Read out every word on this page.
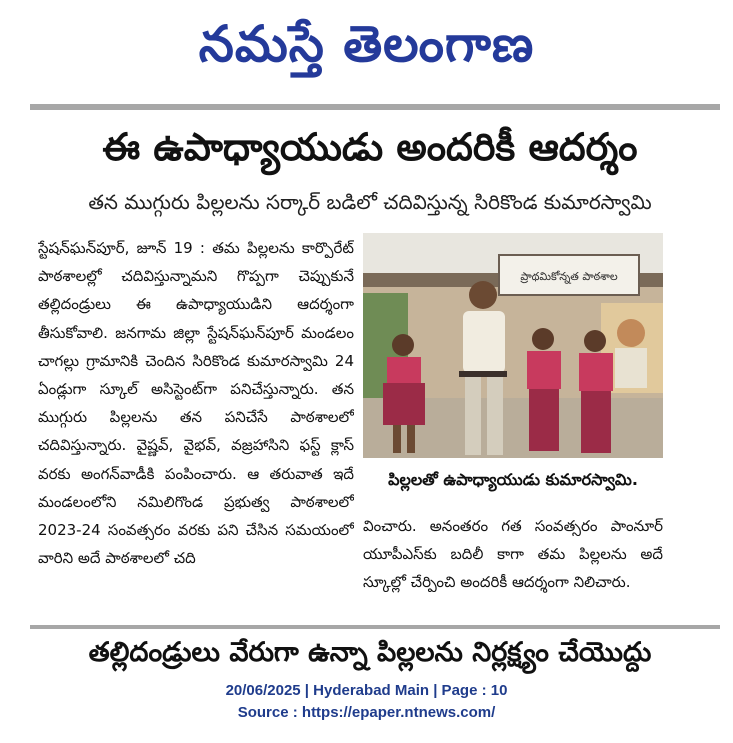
నమస్తే తెలంగాణ
ఈ ఉపాధ్యాయుడు అందరికీ ఆదర్శం
తన ముగ్గురు పిల్లలను సర్కార్ బడిలో చదివిస్తున్న సిరికొండ కుమారస్వామి
స్టేషన్‌ఘన్‌పూర్, జూన్ 19 : తమ పిల్లలను కార్పొరేట్ పాఠశాలల్లో చదివిస్తున్నామని గొప్పగా చెప్పుకునే తల్లిదండ్రులు ఈ ఉపాధ్యాయుడిని ఆదర్శంగా తీసుకోవాలి. జనగామ జిల్లా స్టేషన్‌ఘన్‌పూర్ మండలం చాగల్లు గ్రామానికి చెందిన సిరికొండ కుమారస్వామి 24 ఏండ్లుగా స్కూల్ అసిస్టెంట్‌గా పనిచేస్తున్నారు. తన ముగ్గురు పిల్లలను తన పనిచేసే పాఠశాలలో చదివిస్తున్నారు. వైష్ణవ్, వైభవ్, వజ్రహాసిని ఫస్ట్ క్లాస్ వరకు అంగన్‌వాడీకి పంపించారు. ఆ తరువాత ఇదే మండలంలోని నమిలిగొండ ప్రభుత్వ పాఠశాలలో 2023-24 సంవత్సరం వరకు పని చేసిన సమయంలో వారిని అదే పాఠశాలలో చది
ప్రాథమికోన్నత పాఠశాల
పిల్లలతో ఉపాధ్యాయుడు కుమారస్వామి.
వించారు. అనంతరం గత సంవత్సరం పాంనూర్ యూపీఎస్‌కు బదిలీ కాగా తమ పిల్లలను అదే స్కూల్లో చేర్పించి అందరికీ ఆదర్శంగా నిలిచారు.
తల్లిదండ్రులు వేరుగా ఉన్నా పిల్లలను నిర్లక్ష్యం చేయొద్దు
20/06/2025 | Hyderabad Main | Page : 10
Source : https://epaper.ntnews.com/
